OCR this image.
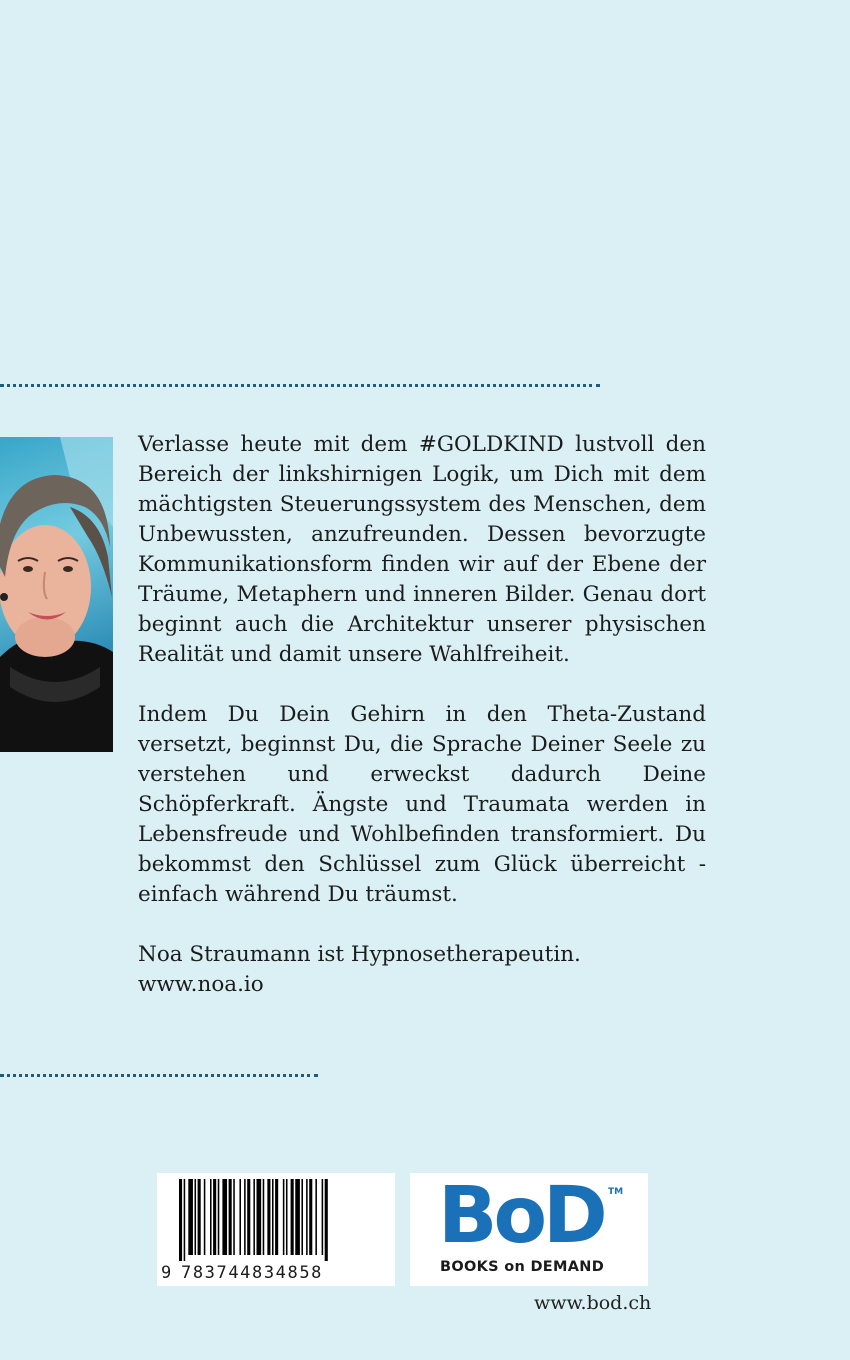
Verlasse heute mit dem #GOLDKIND lustvoll den Bereich der linkshirnigen Logik, um Dich mit dem mächtigsten Steuerungssystem des Menschen, dem Unbewussten, anzufreunden. Dessen bevorzugte Kommunikationsform finden wir auf der Ebene der Träume, Metaphern und inneren Bilder. Genau dort beginnt auch die Architektur unserer physischen Realität und damit unsere Wahlfreiheit.

Indem Du Dein Gehirn in den Theta-Zustand versetzt, beginnst Du, die Sprache Deiner Seele zu verstehen und erweckst dadurch Deine Schöpferkraft. Ängste und Traumata werden in Lebensfreude und Wohlbefinden transformiert. Du bekommst den Schlüssel zum Glück überreicht - einfach während Du träumst.

Noa Straumann ist Hypnosetherapeutin.
www.noa.io

9 783744834858
BoD TM
BOOKS on DEMAND
www.bod.ch
